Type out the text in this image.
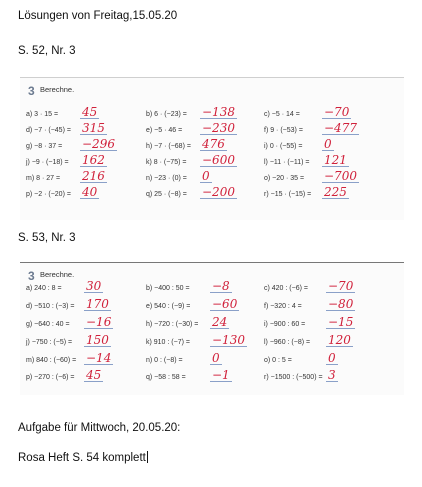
Lösungen von Freitag,15.05.20
S. 52, Nr. 3
3 Berechne.
a) 3 · 15 = 45
d) −7 · (−45) = 315
g) −8 · 37 = −296
j) −9 · (−18) = 162
m) 8 · 27 = 216
p) −2 · (−20) = 40
b) 6 · (−23) = −138
e) −5 · 46 = −230
h) −7 · (−68) = 476
k) 8 · (−75) = −600
n) −23 · (0) = 0
q) 25 · (−8) = −200
c) −5 · 14 = −70
f) 9 · (−53) = −477
i) 0 · (−55) = 0
l) −11 · (−11) = 121
o) −20 · 35 = −700
r) −15 · (−15) = 225
S. 53, Nr. 3
3 Berechne.
a) 240 : 8 = 30
d) −510 : (−3) = 170
g) −640 : 40 = −16
j) −750 : (−5) = 150
m) 840 : (−60) = −14
p) −270 : (−6) = 45
b) −400 : 50 = −8
e) 540 : (−9) = −60
h) −720 : (−30) = 24
k) 910 : (−7) = −130
n) 0 : (−8) = 0
q) −58 : 58 = −1
c) 420 : (−6) = −70
f) −320 : 4 = −80
i) −900 : 60 = −15
l) −960 : (−8) = 120
o) 0 : 5 =	0
r) −1500 : (−500) = 3
Aufgabe für Mittwoch, 20.05.20:
Rosa Heft S. 54 komplett
